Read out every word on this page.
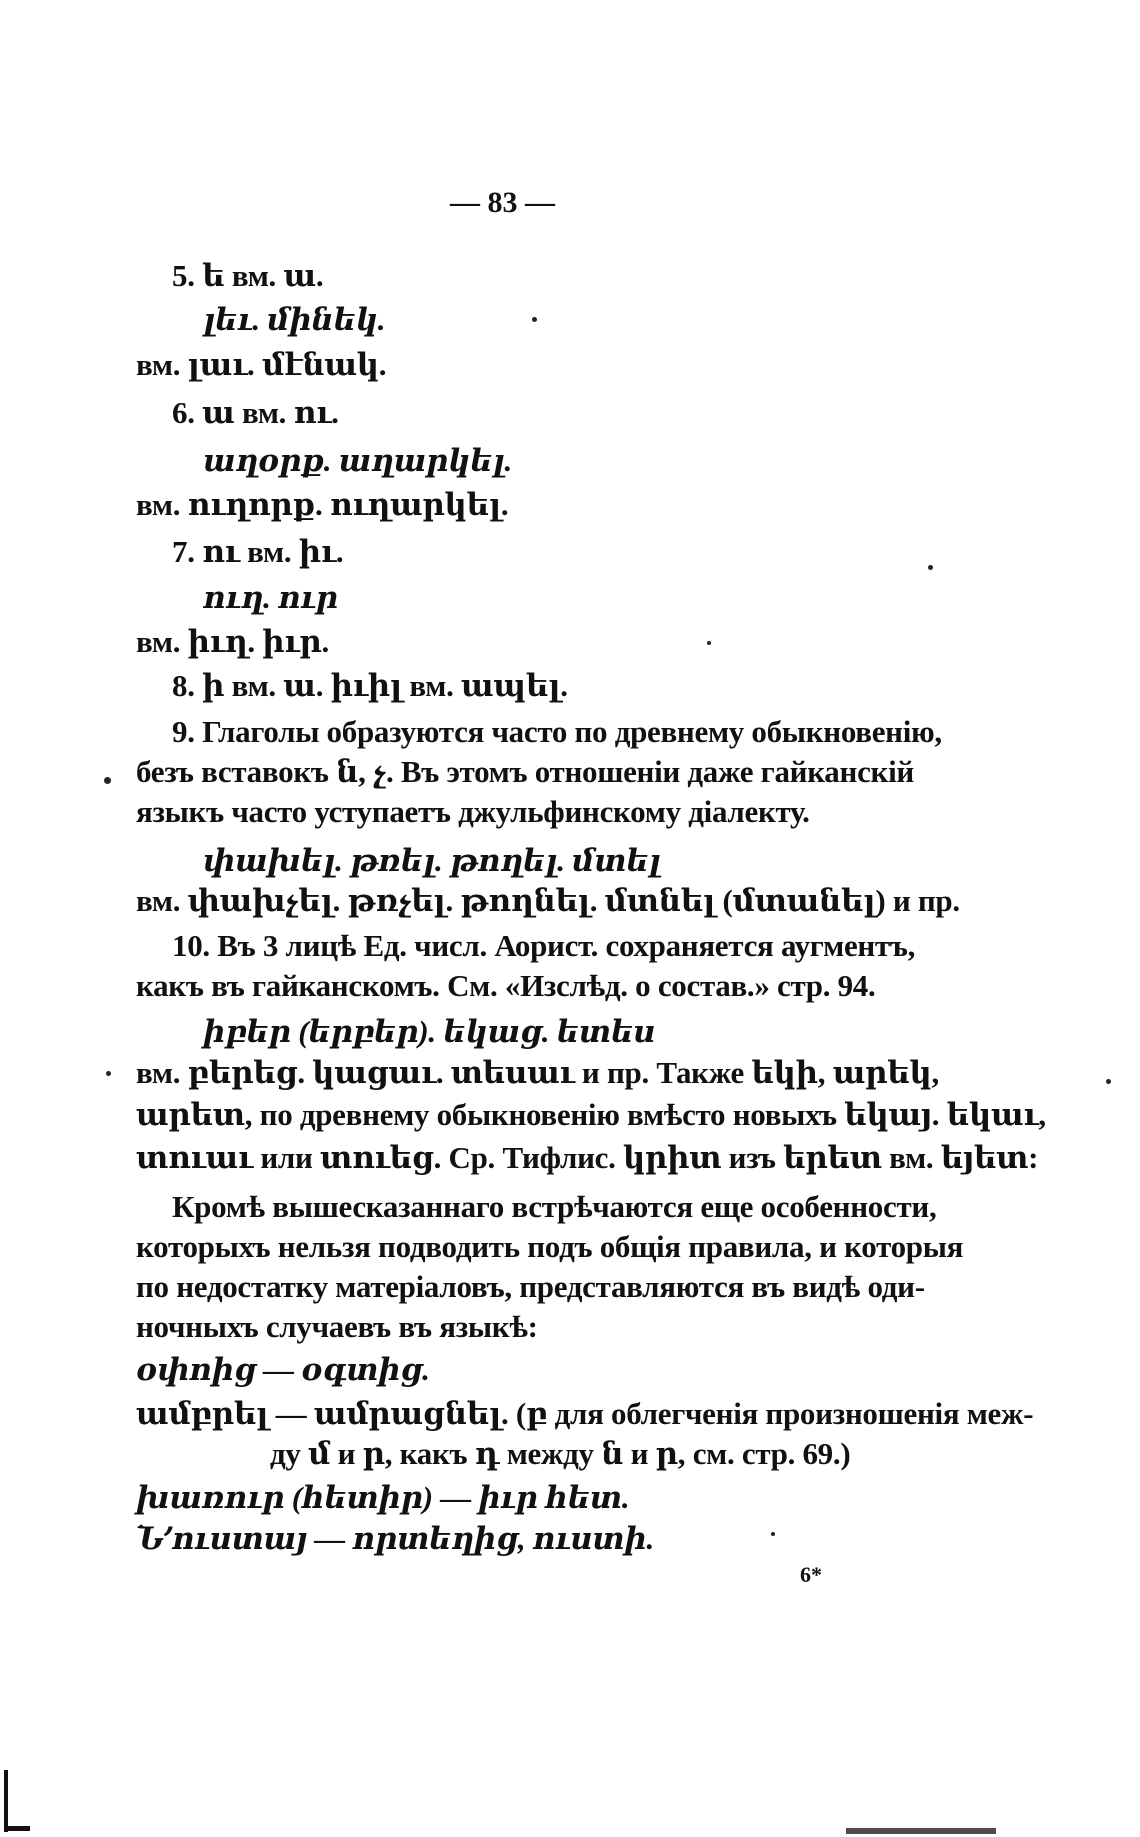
— 83 —
5. ե вм. ա.
լեւ. մինեկ.
вм. լաւ. մէնակ.
6. ա вм. ու.
աղօրք. աղարկել.
вм. ուղորք. ուղարկել.
7. ու вм. իւ.
ուղ. ուր
вм. իւղ. իւր.
8. ի вм. ա. իւիլ вм. ապել.
9. Глаголы образуются часто по древнему обыкновенію,
безъ вставокъ ն, չ. Въ этомъ отношеніи даже гайканскій
языкъ часто уступаетъ джульфинскому діалекту.
փախել. թռել. թողել. մտել
вм. փախչել. թռչել. թողնել. մտնել (մտանել) и пр.
10. Въ 3 лицѣ Ед. числ. Аорист. сохраняется аугментъ,
какъ въ гайканскомъ. См. «Изслѣд. о состав.» стр. 94.
իբեր (երբեր). եկաց. ետես
вм. բերեց. կացաւ. տեսաւ и пр. Также եկի, արեկ,
արետ, по древнему обыкновенію вмѣсто новыхъ եկայ. եկաւ,
տուաւ или տուեց. Ср. Тифлис. կրիտ изъ երետ вм. եյետ:
Кромѣ вышесказаннаго встрѣчаются еще особенности,
которыхъ нельзя подводить подъ общія правила, и которыя
по недостатку матеріаловъ, представляются въ видѣ оди-
ночныхъ случаевъ въ языкѣ:
օփոից — օգտից.
ամբրել — ամրացնել. (բ для облегченія произношенія меж-
ду մ и ր, какъ դ между ն и ր, см. стр. 69.)
խառուր (հետիր) — իւր հետ.
Ն՚ուստայ — որտեղից, ուստի.
6*
